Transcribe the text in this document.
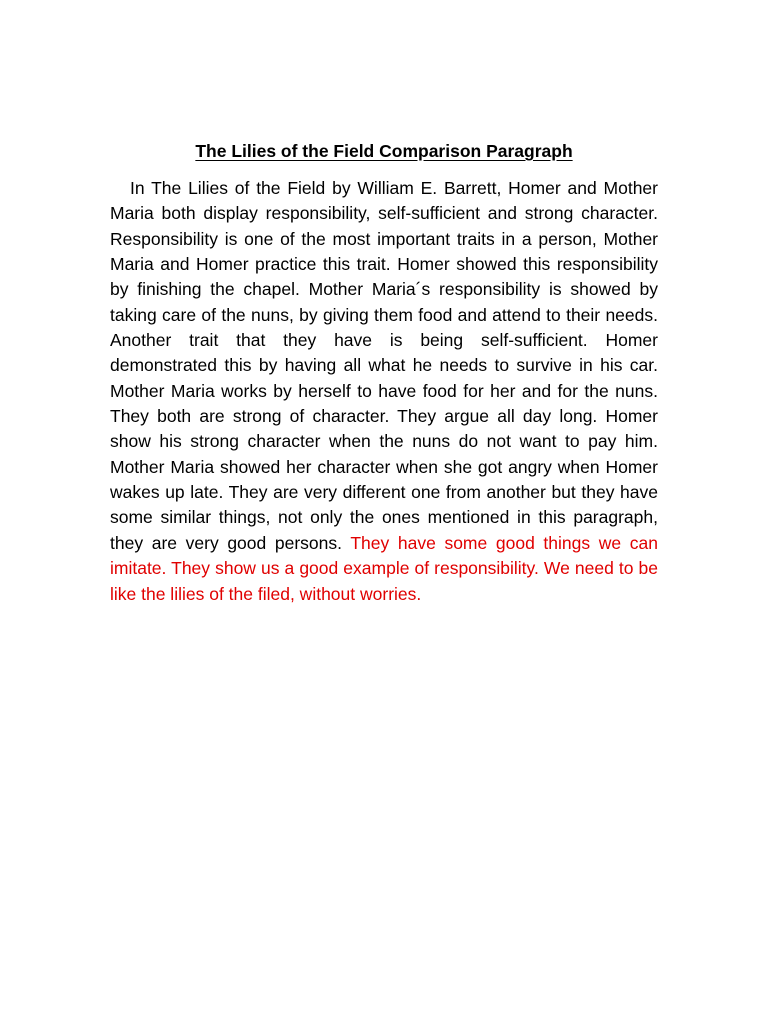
The Lilies of the Field Comparison Paragraph

In The Lilies of the Field by William E. Barrett, Homer and Mother Maria both display responsibility, self-sufficient and strong character. Responsibility is one of the most important traits in a person, Mother Maria and Homer practice this trait. Homer showed this responsibility by finishing the chapel. Mother Maria´s responsibility is showed by taking care of the nuns, by giving them food and attend to their needs. Another trait that they have is being self-sufficient. Homer demonstrated this by having all what he needs to survive in his car. Mother Maria works by herself to have food for her and for the nuns. They both are strong of character. They argue all day long. Homer show his strong character when the nuns do not want to pay him. Mother Maria showed her character when she got angry when Homer wakes up late. They are very different one from another but they have some similar things, not only the ones mentioned in this paragraph, they are very good persons. They have some good things we can imitate. They show us a good example of responsibility. We need to be like the lilies of the filed, without worries.
